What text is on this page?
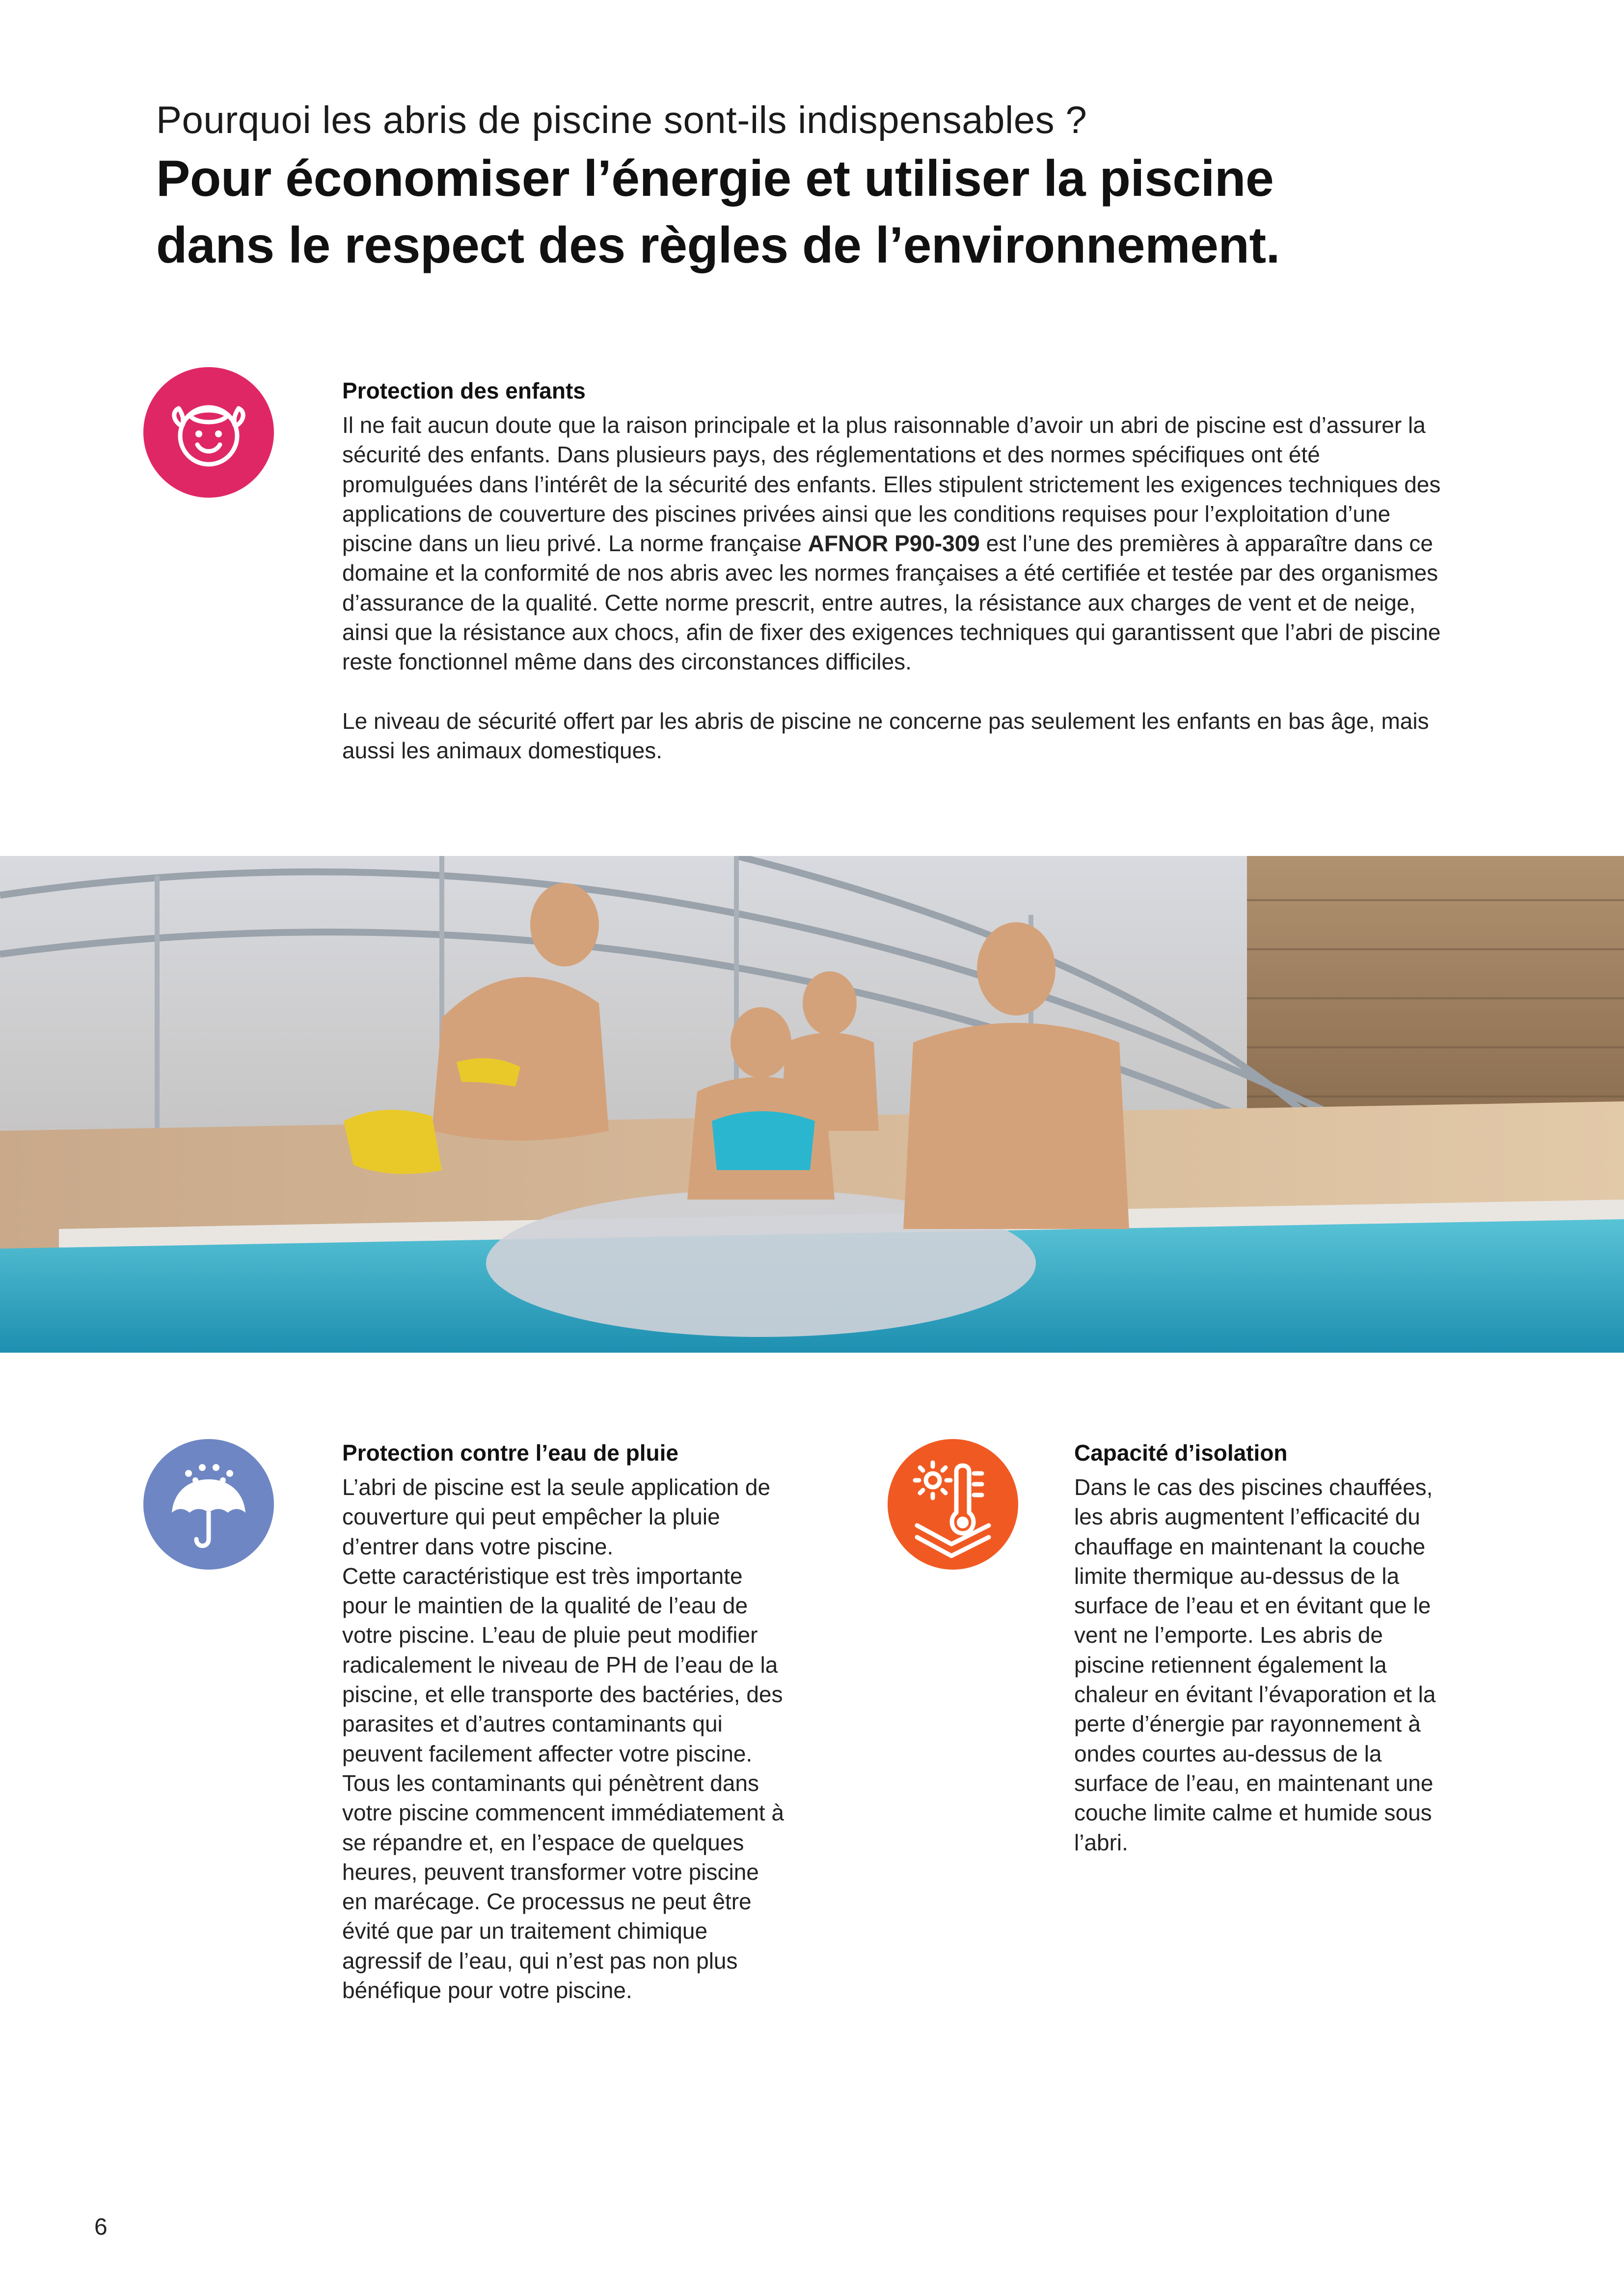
Pourquoi les abris de piscine sont-ils indispensables ?
Pour économiser l’énergie et utiliser la piscine
dans le respect des règles de l’environnement.
Protection des enfants

Il ne fait aucun doute que la raison principale et la plus raisonnable d’avoir un abri de piscine est d’assurer la sécurité des enfants. Dans plusieurs pays, des réglementations et des normes spécifiques ont été promulguées dans l’intérêt de la sécurité des enfants. Elles stipulent strictement les exigences techniques des applications de couverture des piscines privées ainsi que les conditions requises pour l’exploitation d’une piscine dans un lieu privé. La norme française AFNOR P90-309 est l’une des premières à apparaître dans ce domaine et la conformité de nos abris avec les normes françaises a été certifiée et testée par des organismes d’assurance de la qualité. Cette norme prescrit, entre autres, la résistance aux charges de vent et de neige, ainsi que la résistance aux chocs, afin de fixer des exigences techniques qui garantissent que l’abri de piscine reste fonctionnel même dans des circonstances difficiles.

Le niveau de sécurité offert par les abris de piscine ne concerne pas seulement les enfants en bas âge, mais aussi les animaux domestiques.

Protection contre l’eau de pluie

L’abri de piscine est la seule application de couverture qui peut empêcher la pluie d’entrer dans votre piscine.
Cette caractéristique est très importante pour le maintien de la qualité de l’eau de votre piscine. L’eau de pluie peut modifier radicalement le niveau de PH de l’eau de la piscine, et elle transporte des bactéries, des parasites et d’autres contaminants qui peuvent facilement affecter votre piscine. Tous les contaminants qui pénètrent dans votre piscine commencent immédiatement à se répandre et, en l’espace de quelques heures, peuvent transformer votre piscine en marécage. Ce processus ne peut être évité que par un traitement chimique agressif de l’eau, qui n’est pas non plus bénéfique pour votre piscine.

Capacité d’isolation

Dans le cas des piscines chauffées, les abris augmentent l’efficacité du chauffage en maintenant la couche limite thermique au-dessus de la surface de l’eau et en évitant que le vent ne l’emporte. Les abris de piscine retiennent également la chaleur en évitant l’évaporation et la perte d’énergie par rayonnement à ondes courtes au-dessus de la surface de l’eau, en maintenant une couche limite calme et humide sous l’abri.

6
